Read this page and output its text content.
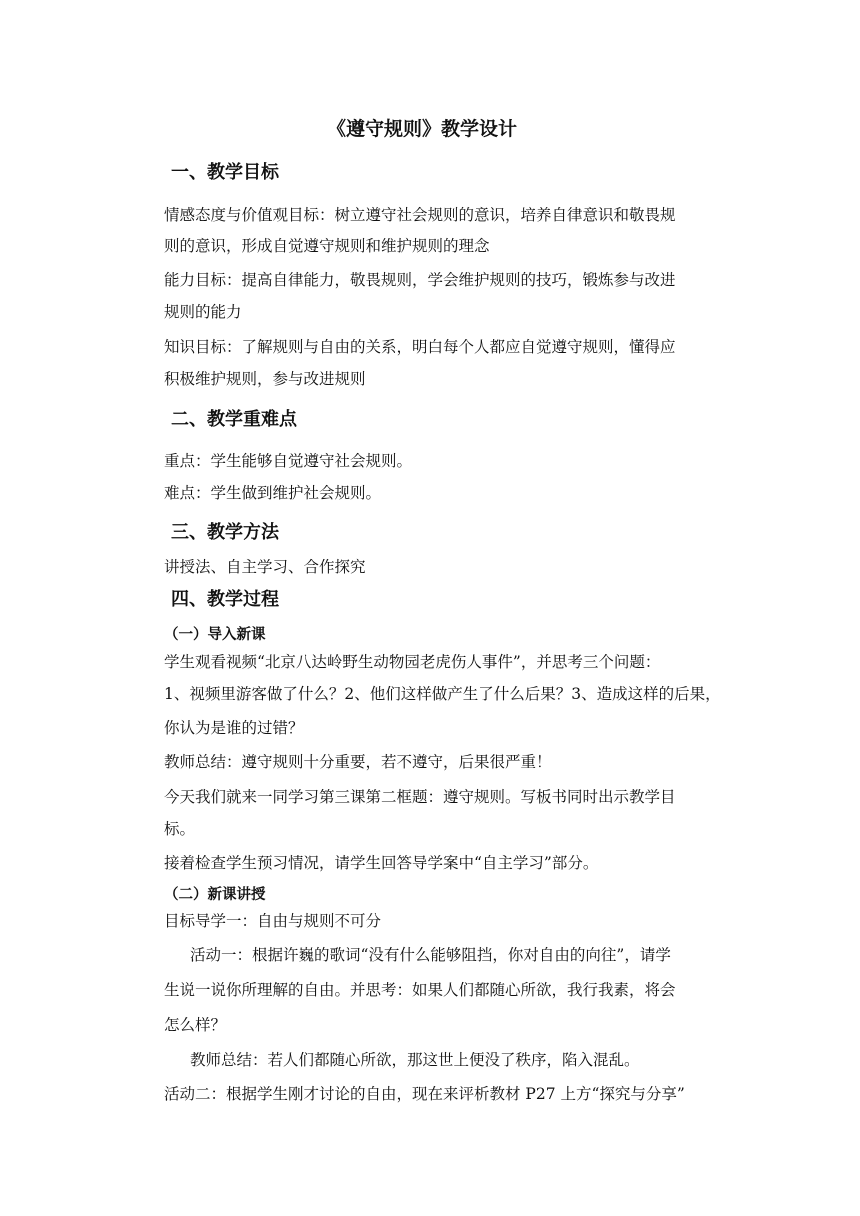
《遵守规则》教学设计
一、教学目标
情感态度与价值观目标：树立遵守社会规则的意识，培养自律意识和敬畏规
则的意识，形成自觉遵守规则和维护规则的理念
能力目标：提高自律能力，敬畏规则，学会维护规则的技巧，锻炼参与改进
规则的能力
知识目标：了解规则与自由的关系，明白每个人都应自觉遵守规则，懂得应
积极维护规则，参与改进规则
二、教学重难点
重点：学生能够自觉遵守社会规则。
难点：学生做到维护社会规则。
三、教学方法
讲授法、自主学习、合作探究
四、教学过程
（一）导入新课
学生观看视频“北京八达岭野生动物园老虎伤人事件”，并思考三个问题：
1、视频里游客做了什么？2、他们这样做产生了什么后果？3、造成这样的后果，
你认为是谁的过错？
教师总结：遵守规则十分重要，若不遵守，后果很严重！
今天我们就来一同学习第三课第二框题：遵守规则。写板书同时出示教学目
标。
接着检查学生预习情况，请学生回答导学案中“自主学习”部分。
（二）新课讲授
目标导学一：自由与规则不可分
活动一：根据许巍的歌词“没有什么能够阻挡，你对自由的向往”，请学
生说一说你所理解的自由。并思考：如果人们都随心所欲，我行我素，将会
怎么样？
教师总结：若人们都随心所欲，那这世上便没了秩序，陷入混乱。
活动二：根据学生刚才讨论的自由，现在来评析教材 P27 上方“探究与分享”
